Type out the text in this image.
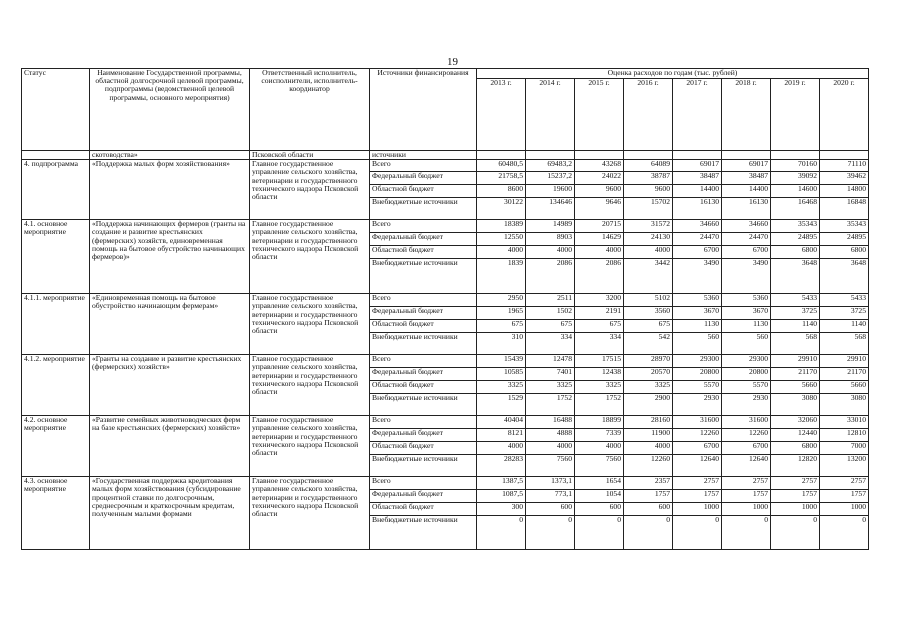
19
Статус	Наименование Государственной программы, областной долгосрочной целевой программы, подпрограммы (ведомственной целевой программы, основного мероприятия)	Ответственный исполнитель, соисполнители, исполнитель-координатор	Источники финансирования	Оценка расходов по годам (тыс. рублей)							
				2013 г.	2014 г.	2015 г.	2016 г.	2017 г.	2018 г.	2019 г.	2020 г.
	скотоводства»	Псковской области	источники								
4. подпрограмма	«Поддержка малых форм хозяйствования»	Главное государственное управление сельского хозяйства, ветеринарии и государственного технического надзора Псковской области	Всего	60480,5	69483,2	43268	64089	69017	69017	70160	71110
			Федеральный бюджет	21758,5	15237,2	24022	38787	38487	38487	39092	39462
			Областной бюджет	8600	19600	9600	9600	14400	14400	14600	14800
			Внебюджетные источники	30122	134646	9646	15702	16130	16130	16468	16848
4.1. основное мероприятие	«Поддержка начинающих фермеров (гранты на создание и развитие крестьянских (фермерских) хозяйств, единовременная помощь на бытовое обустройство начинающих фермеров)»	Главное государственное управление сельского хозяйства, ветеринарии и государственного технического надзора Псковской области	Всего	18389	14989	20715	31572	34660	34660	35343	35343
			Федеральный бюджет	12550	8903	14629	24130	24470	24470	24895	24895
			Областной бюджет	4000	4000	4000	4000	6700	6700	6800	6800
			Внебюджетные источники	1839	2086	2086	3442	3490	3490	3648	3648
4.1.1. мероприятие	«Единовременная помощь на бытовое обустройство начинающим фермерам»	Главное государственное управление сельского хозяйства, ветеринарии и государственного технического надзора Псковской области	Всего	2950	2511	3200	5102	5360	5360	5433	5433
			Федеральный бюджет	1965	1502	2191	3560	3670	3670	3725	3725
			Областной бюджет	675	675	675	675	1130	1130	1140	1140
			Внебюджетные источники	310	334	334	542	560	560	568	568
4.1.2. мероприятие	«Гранты на создание и развитие крестьянских (фермерских) хозяйств»	Главное государственное управление сельского хозяйства, ветеринарии и государственного технического надзора Псковской области	Всего	15439	12478	17515	28970	29300	29300	29910	29910
			Федеральный бюджет	10585	7401	12438	20570	20800	20800	21170	21170
			Областной бюджет	3325	3325	3325	3325	5570	5570	5660	5660
			Внебюджетные источники	1529	1752	1752	2900	2930	2930	3080	3080
4.2. основное мероприятие	«Развитие семейных животноводческих ферм на базе крестьянских (фермерских) хозяйств»	Главное государственное управление сельского хозяйства, ветеринарии и государственного технического надзора Псковской области	Всего	40404	16488	18899	28160	31600	31600	32060	33010
			Федеральный бюджет	8121	4888	7339	11900	12260	12260	12440	12810
			Областной бюджет	4000	4000	4000	4000	6700	6700	6800	7000
			Внебюджетные источники	28283	7560	7560	12260	12640	12640	12820	13200
4.3. основное мероприятие	«Государственная поддержка кредитования малых форм хозяйствования (субсидирование процентной ставки по долгосрочным, среднесрочным и краткосрочным кредитам, полученным малыми формами	Главное государственное управление сельского хозяйства, ветеринарии и государственного технического надзора Псковской области	Всего	1387,5	1373,1	1654	2357	2757	2757	2757	2757
			Федеральный бюджет	1087,5	773,1	1054	1757	1757	1757	1757	1757
			Областной бюджет	300	600	600	600	1000	1000	1000	1000
			Внебюджетные источники	0	0	0	0	0	0	0	0
